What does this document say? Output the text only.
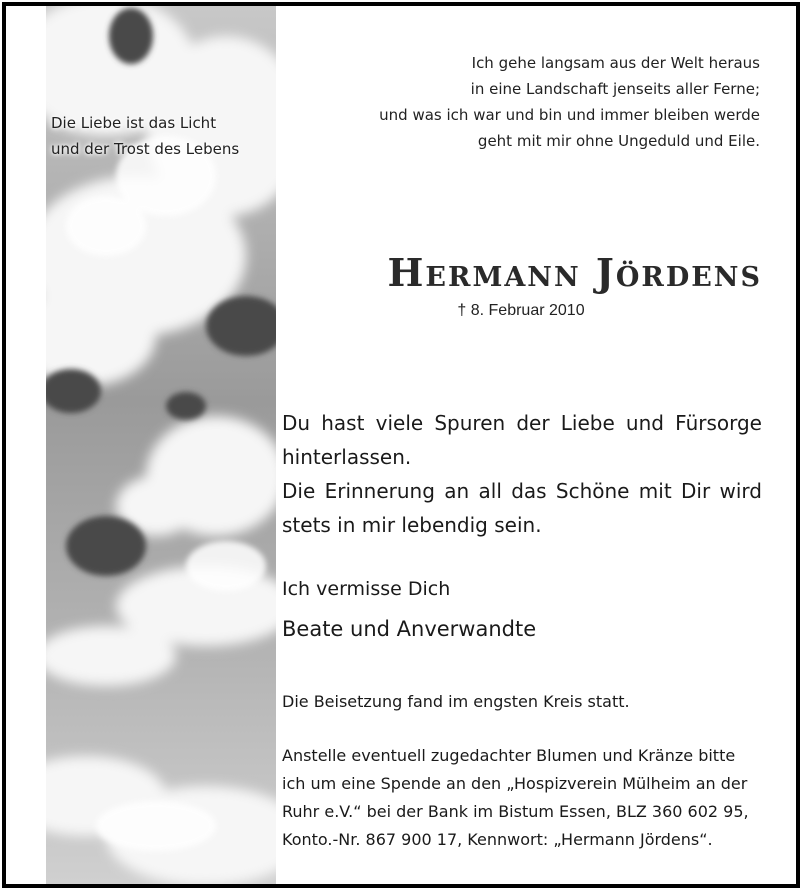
Die Liebe ist das Licht
und der Trost des Lebens
Ich gehe langsam aus der Welt heraus
in eine Landschaft jenseits aller Ferne;
und was ich war und bin und immer bleiben werde
geht mit mir ohne Ungeduld und Eile.
Hermann Jördens
† 8. Februar 2010

Du hast viele Spuren der Liebe und Fürsorge hinterlassen.

Die Erinnerung an all das Schöne mit Dir wird stets in mir lebendig sein.

Ich vermisse Dich
Beate und Anverwandte
Die Beisetzung fand im engsten Kreis statt.

Anstelle eventuell zugedachter Blumen und Kränze bitte

ich um eine Spende an den „Hospizverein Mülheim an der

Ruhr e.V.“ bei der Bank im Bistum Essen, BLZ 360 602 95,

Konto.-Nr. 867 900 17, Kennwort: „Hermann Jördens“.
